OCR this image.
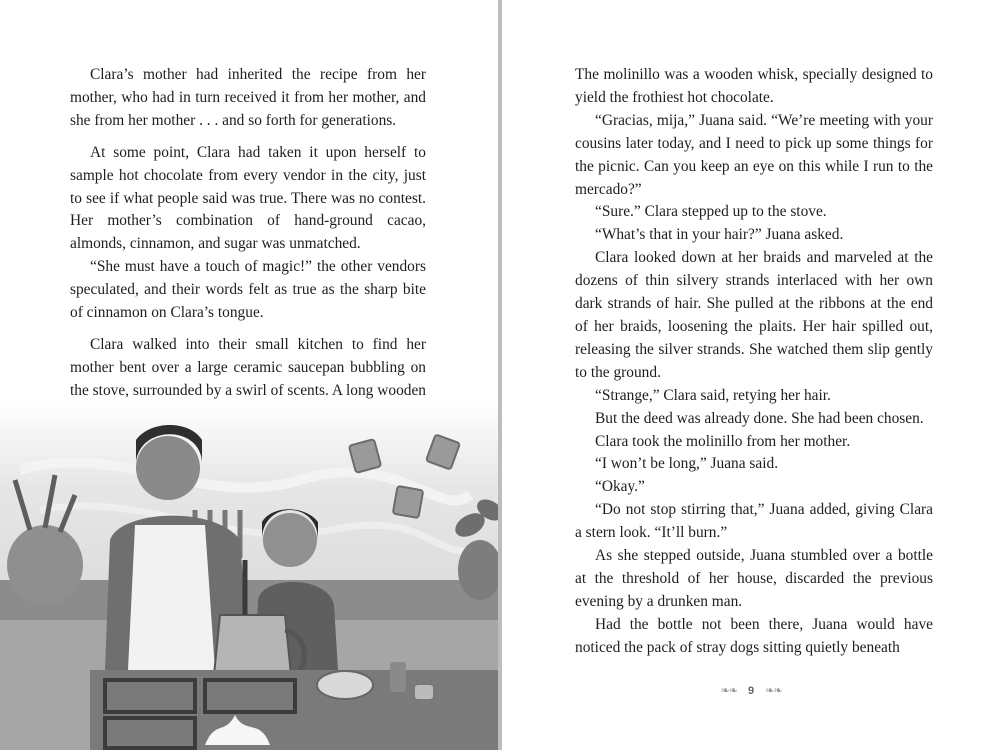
Clara’s mother had inherited the recipe from her mother, who had in turn received it from her mother, and she from her mother . . . and so forth for generations.

At some point, Clara had taken it upon herself to sample hot chocolate from every vendor in the city, just to see if what people said was true. There was no contest. Her mother’s combination of hand-ground cacao, almonds, cinnamon, and sugar was unmatched.

“She must have a touch of magic!” the other vendors speculated, and their words felt as true as the sharp bite of cinnamon on Clara’s tongue.

Clara walked into their small kitchen to find her mother bent over a large ceramic saucepan bubbling on the stove, surrounded by a swirl of scents. A long wooden

The molinillo was a wooden whisk, specially designed to yield the frothiest hot chocolate.

“Gracias, mija,” Juana said. “We’re meeting with your cousins later today, and I need to pick up some things for the picnic. Can you keep an eye on this while I run to the mercado?”

“Sure.” Clara stepped up to the stove.

“What’s that in your hair?” Juana asked.

Clara looked down at her braids and marveled at the dozens of thin silvery strands interlaced with her own dark strands of hair. She pulled at the ribbons at the end of her braids, loosening the plaits. Her hair spilled out, releasing the silver strands. She watched them slip gently to the ground.

“Strange,” Clara said, retying her hair.

But the deed was already done. She had been chosen.

Clara took the molinillo from her mother.

“I won’t be long,” Juana said.

“Okay.”

“Do not stop stirring that,” Juana added, giving Clara a stern look. “It’ll burn.”

As she stepped outside, Juana stumbled over a bottle at the threshold of her house, discarded the previous evening by a drunken man.

Had the bottle not been there, Juana would have noticed the pack of stray dogs sitting quietly beneath

❧❧ 9 ❧❧
